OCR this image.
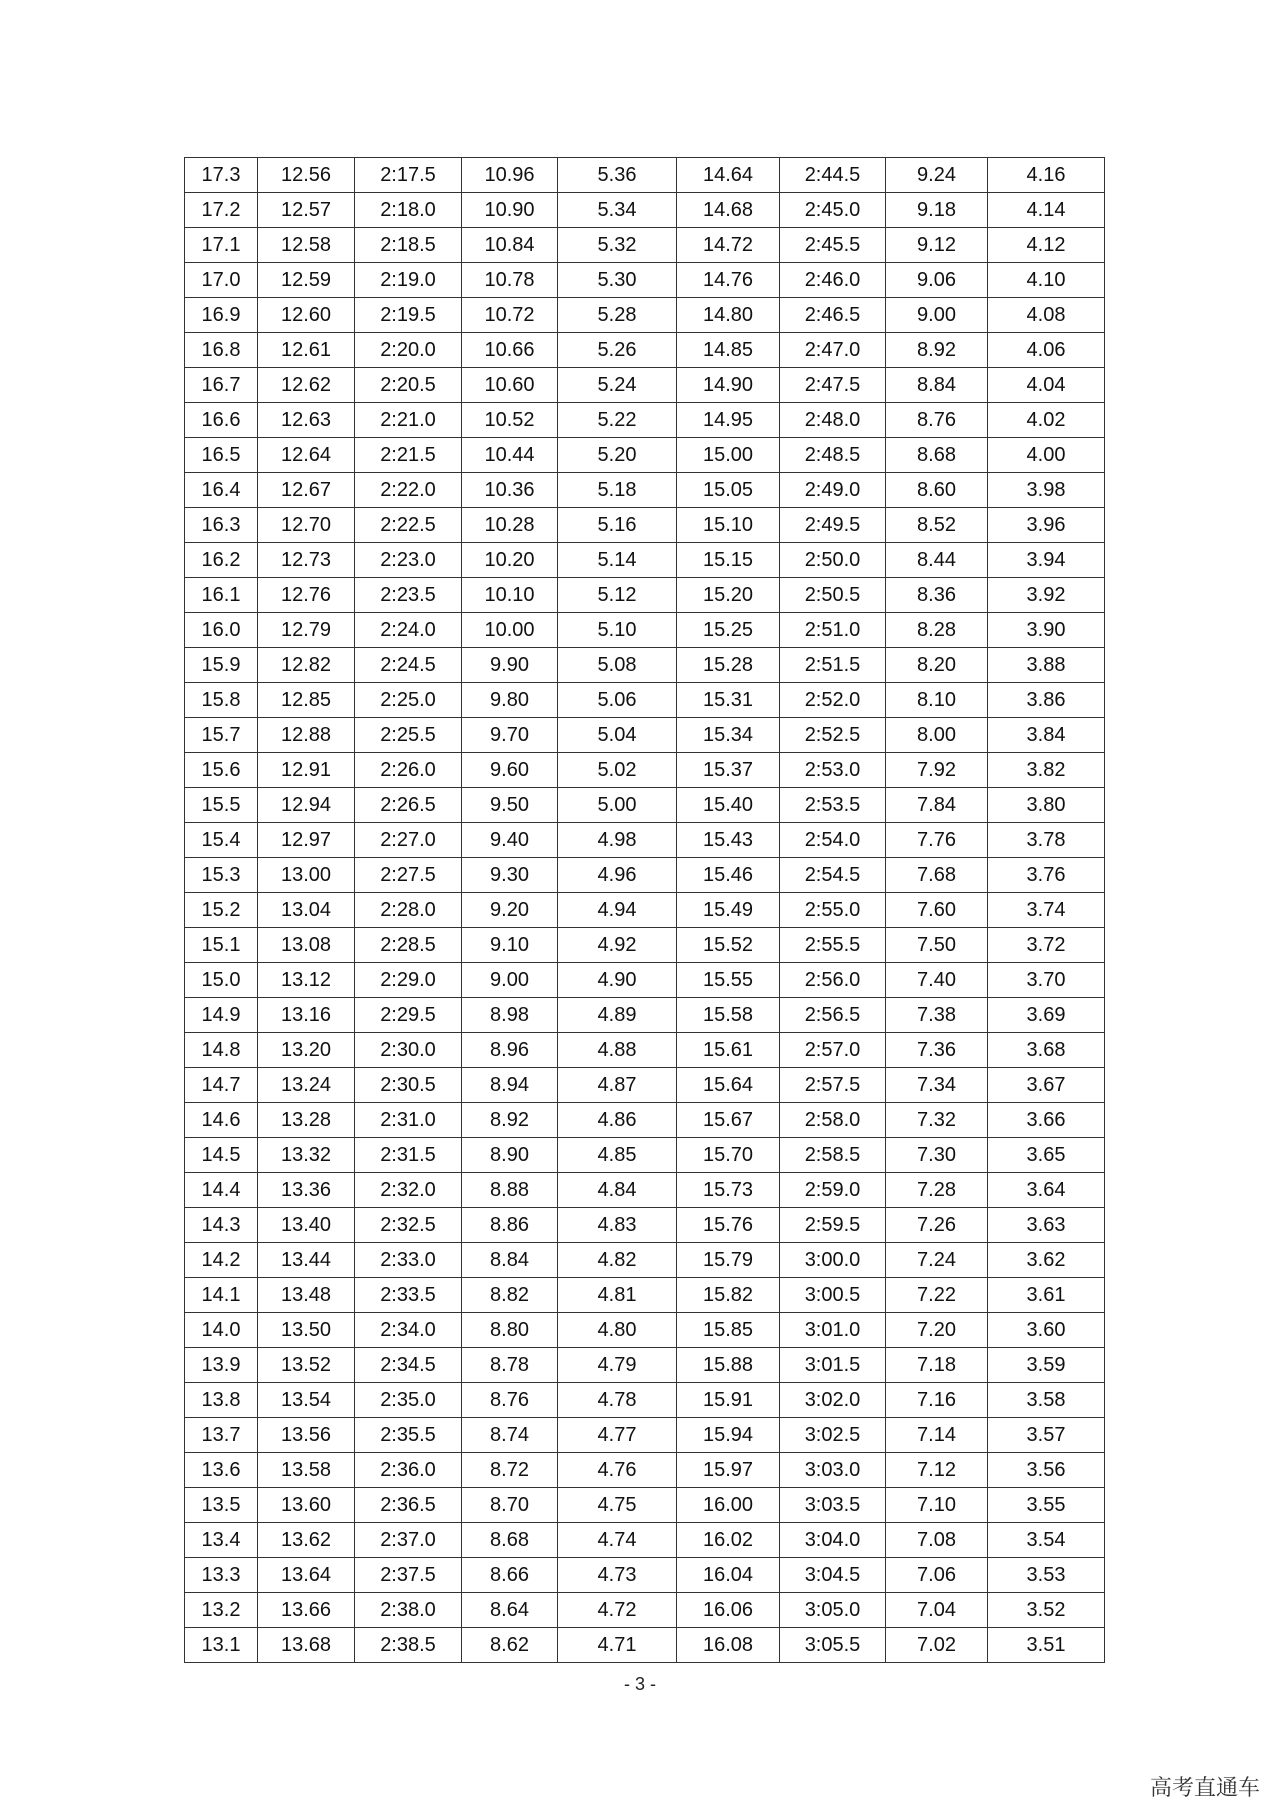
17.3	12.56	2:17.5	10.96	5.36	14.64	2:44.5	9.24	4.16
17.2	12.57	2:18.0	10.90	5.34	14.68	2:45.0	9.18	4.14
17.1	12.58	2:18.5	10.84	5.32	14.72	2:45.5	9.12	4.12
17.0	12.59	2:19.0	10.78	5.30	14.76	2:46.0	9.06	4.10
16.9	12.60	2:19.5	10.72	5.28	14.80	2:46.5	9.00	4.08
16.8	12.61	2:20.0	10.66	5.26	14.85	2:47.0	8.92	4.06
16.7	12.62	2:20.5	10.60	5.24	14.90	2:47.5	8.84	4.04
16.6	12.63	2:21.0	10.52	5.22	14.95	2:48.0	8.76	4.02
16.5	12.64	2:21.5	10.44	5.20	15.00	2:48.5	8.68	4.00
16.4	12.67	2:22.0	10.36	5.18	15.05	2:49.0	8.60	3.98
16.3	12.70	2:22.5	10.28	5.16	15.10	2:49.5	8.52	3.96
16.2	12.73	2:23.0	10.20	5.14	15.15	2:50.0	8.44	3.94
16.1	12.76	2:23.5	10.10	5.12	15.20	2:50.5	8.36	3.92
16.0	12.79	2:24.0	10.00	5.10	15.25	2:51.0	8.28	3.90
15.9	12.82	2:24.5	9.90	5.08	15.28	2:51.5	8.20	3.88
15.8	12.85	2:25.0	9.80	5.06	15.31	2:52.0	8.10	3.86
15.7	12.88	2:25.5	9.70	5.04	15.34	2:52.5	8.00	3.84
15.6	12.91	2:26.0	9.60	5.02	15.37	2:53.0	7.92	3.82
15.5	12.94	2:26.5	9.50	5.00	15.40	2:53.5	7.84	3.80
15.4	12.97	2:27.0	9.40	4.98	15.43	2:54.0	7.76	3.78
15.3	13.00	2:27.5	9.30	4.96	15.46	2:54.5	7.68	3.76
15.2	13.04	2:28.0	9.20	4.94	15.49	2:55.0	7.60	3.74
15.1	13.08	2:28.5	9.10	4.92	15.52	2:55.5	7.50	3.72
15.0	13.12	2:29.0	9.00	4.90	15.55	2:56.0	7.40	3.70
14.9	13.16	2:29.5	8.98	4.89	15.58	2:56.5	7.38	3.69
14.8	13.20	2:30.0	8.96	4.88	15.61	2:57.0	7.36	3.68
14.7	13.24	2:30.5	8.94	4.87	15.64	2:57.5	7.34	3.67
14.6	13.28	2:31.0	8.92	4.86	15.67	2:58.0	7.32	3.66
14.5	13.32	2:31.5	8.90	4.85	15.70	2:58.5	7.30	3.65
14.4	13.36	2:32.0	8.88	4.84	15.73	2:59.0	7.28	3.64
14.3	13.40	2:32.5	8.86	4.83	15.76	2:59.5	7.26	3.63
14.2	13.44	2:33.0	8.84	4.82	15.79	3:00.0	7.24	3.62
14.1	13.48	2:33.5	8.82	4.81	15.82	3:00.5	7.22	3.61
14.0	13.50	2:34.0	8.80	4.80	15.85	3:01.0	7.20	3.60
13.9	13.52	2:34.5	8.78	4.79	15.88	3:01.5	7.18	3.59
13.8	13.54	2:35.0	8.76	4.78	15.91	3:02.0	7.16	3.58
13.7	13.56	2:35.5	8.74	4.77	15.94	3:02.5	7.14	3.57
13.6	13.58	2:36.0	8.72	4.76	15.97	3:03.0	7.12	3.56
13.5	13.60	2:36.5	8.70	4.75	16.00	3:03.5	7.10	3.55
13.4	13.62	2:37.0	8.68	4.74	16.02	3:04.0	7.08	3.54
13.3	13.64	2:37.5	8.66	4.73	16.04	3:04.5	7.06	3.53
13.2	13.66	2:38.0	8.64	4.72	16.06	3:05.0	7.04	3.52
13.1	13.68	2:38.5	8.62	4.71	16.08	3:05.5	7.02	3.51
- 3 -
高考直通车
